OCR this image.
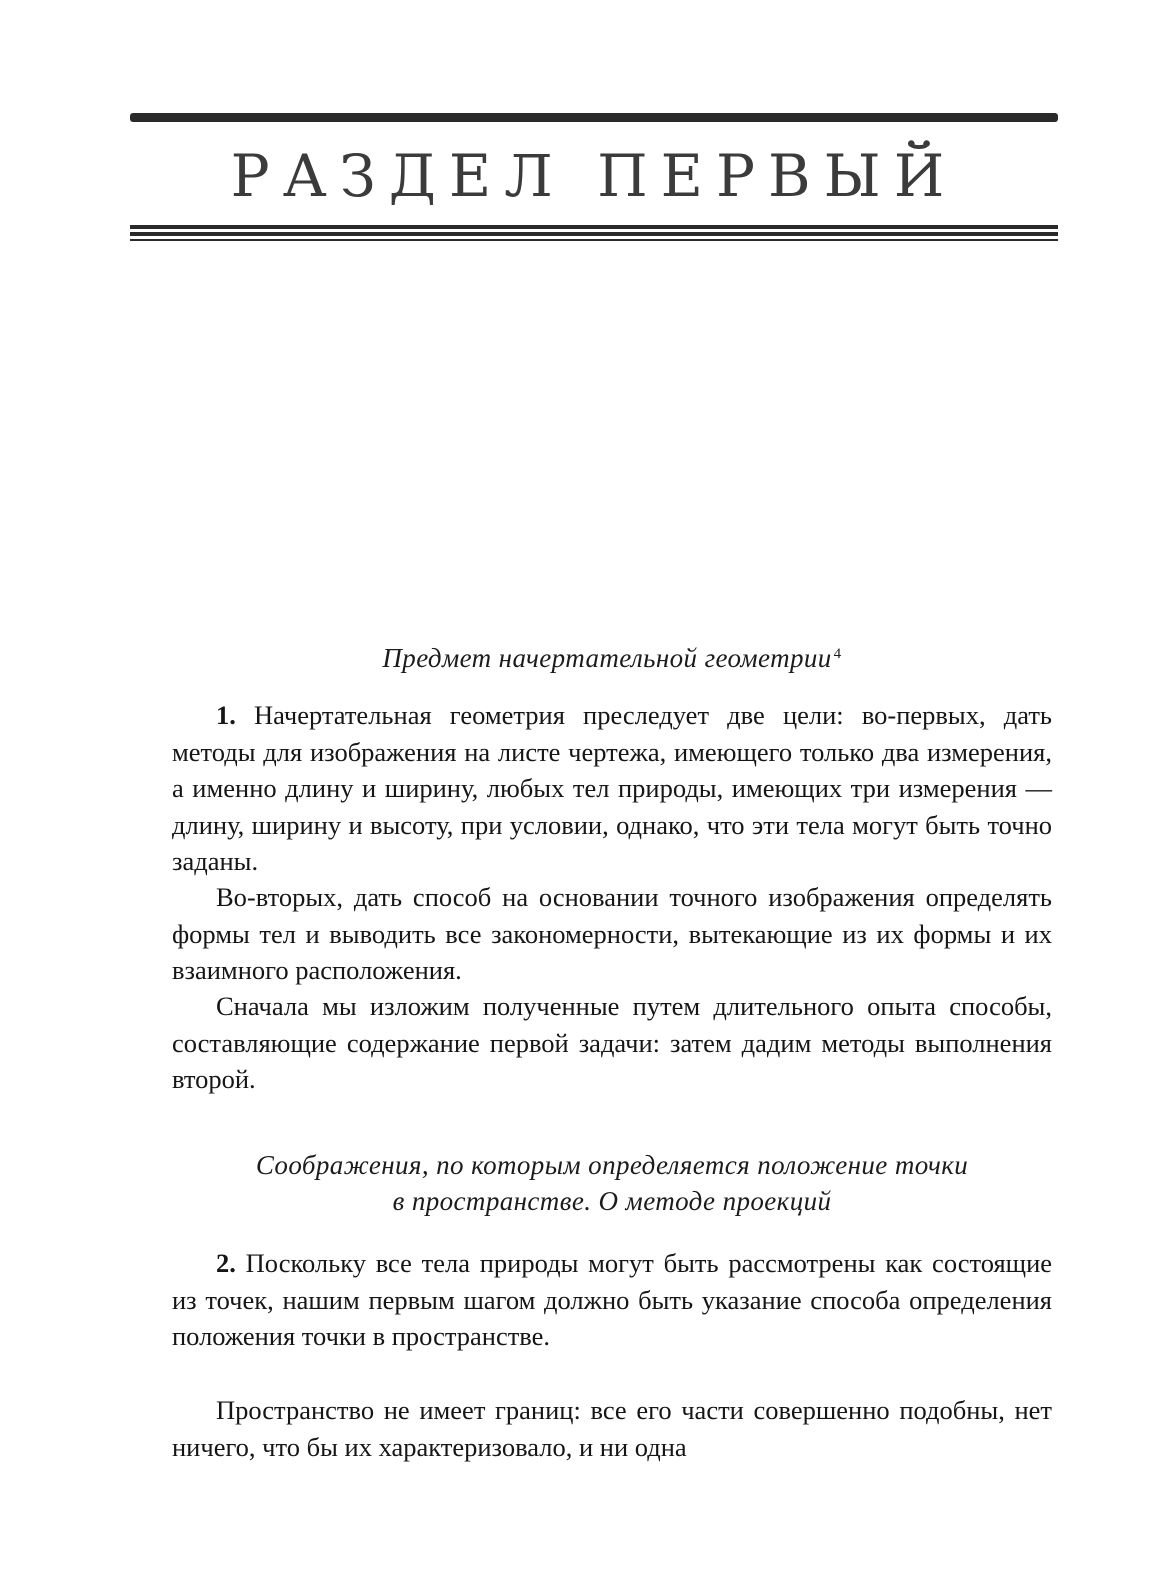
РАЗДЕЛ ПЕРВЫЙ
Предмет начертательной геометрии $^4$

1. Начертательная геометрия преследует две цели: во-первых, дать методы для изображения на листе чертежа, имеющего только два измерения, а именно длину и ширину, любых тел природы, имеющих три измерения — длину, ширину и высоту, при условии, однако, что эти тела могут быть точно заданы.

Во-вторых, дать способ на основании точного изображения определять формы тел и выводить все закономерности, вытекающие из их формы и их взаимного расположения.

Сначала мы изложим полученные путем длительного опыта способы, составляющие содержание первой задачи: затем дадим методы выполнения второй.

Соображения, по которым определяется положение точки
в пространстве. О методе проекций

2. Поскольку все тела природы могут быть рассмотрены как состоящие из точек, нашим первым шагом должно быть указание способа определения положения точки в пространстве.

Пространство не имеет границ: все его части совершенно подобны, нет ничего, что бы их характеризовало, и ни одна
